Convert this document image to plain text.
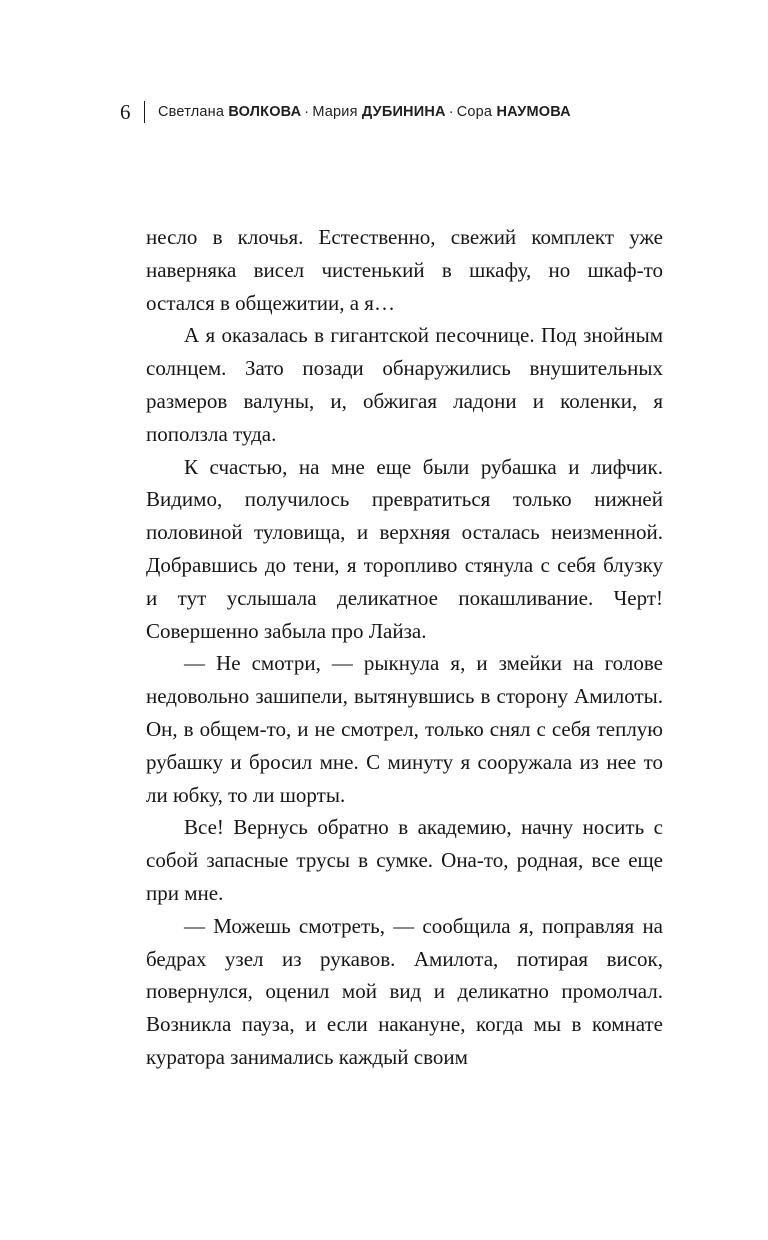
6 Светлана ВОЛКОВА · Мария ДУБИНИНА · Сора НАУМОВА

несло в клочья. Естественно, свежий комплект уже наверняка висел чистенький в шкафу, но шкаф-то остался в общежитии, а я…

А я оказалась в гигантской песочнице. Под знойным солнцем. Зато позади обнаружились внушительных размеров валуны, и, обжигая ладони и коленки, я поползла туда.

К счастью, на мне еще были рубашка и лифчик. Видимо, получилось превратиться только нижней половиной туловища, и верхняя осталась неизменной. Добравшись до тени, я торопливо стянула с себя блузку и тут услышала деликатное покашливание. Черт! Совершенно забыла про Лайза.

— Не смотри, — рыкнула я, и змейки на голове недовольно зашипели, вытянувшись в сторону Амилоты. Он, в общем-то, и не смотрел, только снял с себя теплую рубашку и бросил мне. С минуту я сооружала из нее то ли юбку, то ли шорты.

Все! Вернусь обратно в академию, начну носить с собой запасные трусы в сумке. Она-то, родная, все еще при мне.

— Можешь смотреть, — сообщила я, поправляя на бедрах узел из рукавов. Амилота, потирая висок, повернулся, оценил мой вид и деликатно промолчал. Возникла пауза, и если накануне, когда мы в комнате куратора занимались каждый своим
